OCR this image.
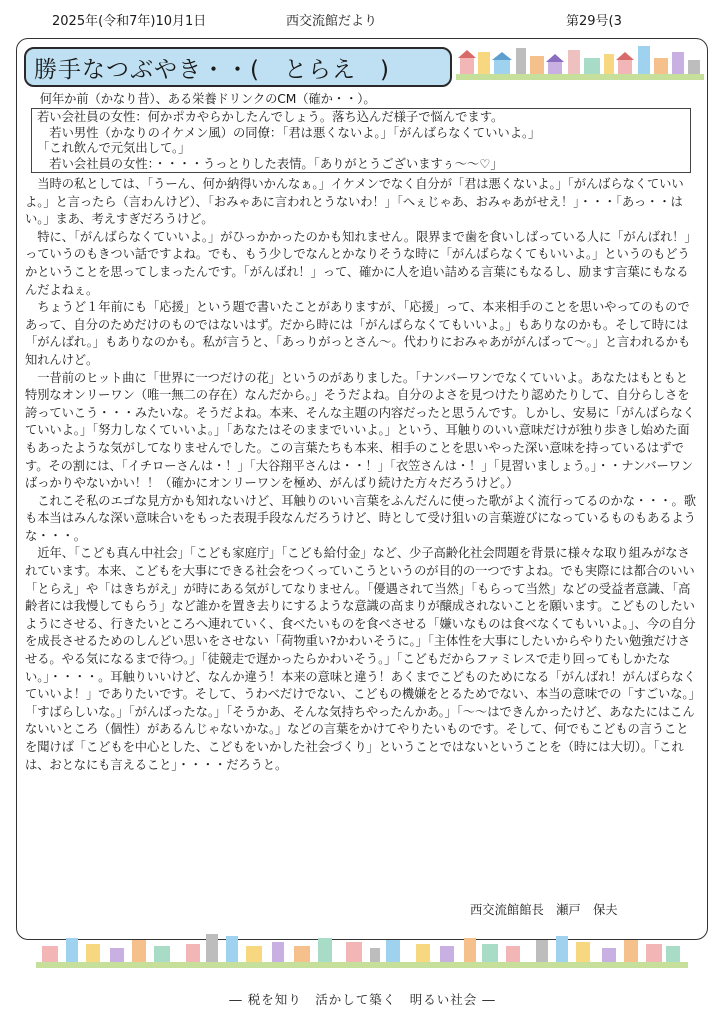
2025年(令和7年)10月1日	西交流館だより	第29号(3
勝手なつぶやき・・(　とらえ　)

何年か前（かなり昔）、ある栄養ドリンクのCM（確か・・）。

若い会社員の女性：何かポカやらかしたんでしょう。落ち込んだ様子で悩んでます。
　若い男性（かなりのイケメン風）の同僚：「君は悪くないよ。」「がんばらなくていいよ。」
「これ飲んで元気出して。」
　若い会社員の女性：・・・・うっとりした表情。「ありがとうございますぅ～～♡」

当時の私としては、「うーん、何か納得いかんなぁ。」イケメンでなく自分が「君は悪くないよ。」「がんばらなくていいよ。」と言ったら（言わんけど）、「おみゃあに言われとうないわ！」「へぇじゃあ、おみゃあがせえ！」・・・「あっ・・はい。」まあ、考えすぎだろうけど。

特に、「がんばらなくていいよ。」がひっかかったのかも知れません。限界まで歯を食いしばっている人に「がんばれ！」っていうのもきつい話ですよね。でも、もう少しでなんとかなりそうな時に「がんばらなくてもいいよ。」というのもどうかということを思ってしまったんです。「がんばれ！」って、確かに人を追い詰める言葉にもなるし、励ます言葉にもなるんだよねぇ。

ちょうど１年前にも「応援」という題で書いたことがありますが、「応援」って、本来相手のことを思いやってのものであって、自分のためだけのものではないはず。だから時には「がんばらなくてもいいよ。」もありなのかも。そして時には「がんばれ。」もありなのかも。私が言うと、「あっりがっとさん～。代わりにおみゃあががんばって～。」と言われるかも知れんけど。

一昔前のヒット曲に「世界に一つだけの花」というのがありました。「ナンバーワンでなくていいよ。あなたはもともと特別なオンリーワン（唯一無二の存在）なんだから。」そうだよね。自分のよさを見つけたり認めたりして、自分らしさを誇っていこう・・・みたいな。そうだよね。本来、そんな主題の内容だったと思うんです。しかし、安易に「がんばらなくていいよ。」「努力しなくていいよ。」「あなたはそのままでいいよ。」という、耳触りのいい意味だけが独り歩きし始めた面もあったような気がしてなりませんでした。この言葉たちも本来、相手のことを思いやった深い意味を持っているはずです。その割には、「イチローさんは・！」「大谷翔平さんは・・！」「衣笠さんは・！」「見習いましょう。」・・ナンバーワンばっかりやないかい！！（確かにオンリーワンを極め、がんばり続けた方々だろうけど。）

これこそ私のエゴな見方かも知れないけど、耳触りのいい言葉をふんだんに使った歌がよく流行ってるのかな・・・。歌も本当はみんな深い意味合いをもった表現手段なんだろうけど、時として受け狙いの言葉遊びになっているものもあるような・・・。

近年、「こども真ん中社会」「こども家庭庁」「こども給付金」など、少子高齢化社会問題を背景に様々な取り組みがなされています。本来、こどもを大事にできる社会をつくっていこうというのが目的の一つですよね。でも実際には都合のいい「とらえ」や「はきちがえ」が時にある気がしてなりません。「優遇されて当然」「もらって当然」などの受益者意識、「高齢者には我慢してもらう」など誰かを置き去りにするような意識の高まりが醸成されないことを願います。こどものしたいようにさせる、行きたいところへ連れていく、食べたいものを食べさせる「嫌いなものは食べなくてもいいよ。」、今の自分を成長させるためのしんどい思いをさせない「荷物重い?かわいそうに。」「主体性を大事にしたいからやりたい勉強だけさせる。やる気になるまで待つ。」「徒競走で遅かったらかわいそう。」「こどもだからファミレスで走り回ってもしかたない。」・・・・。耳触りいいけど、なんか違う！本来の意味と違う！あくまでこどものためになる「がんばれ！がんばらなくていいよ！」でありたいです。そして、うわべだけでない、こどもの機嫌をとるためでない、本当の意味での「すごいな。」「すばらしいな。」「がんばったな。」「そうかあ、そんな気持ちやったんかあ。」「～～はできんかったけど、あなたにはこんないいところ（個性）があるんじゃないかな。」などの言葉をかけてやりたいものです。そして、何でもこどもの言うことを聞けば「こどもを中心とした、こどもをいかした社会づくり」ということではないということを（時には大切）。「これは、おとなにも言えること」・・・・だろうと。

西交流館館長　瀬戸　保夫
― 税を知り　活かして築く　明るい社会 ―
